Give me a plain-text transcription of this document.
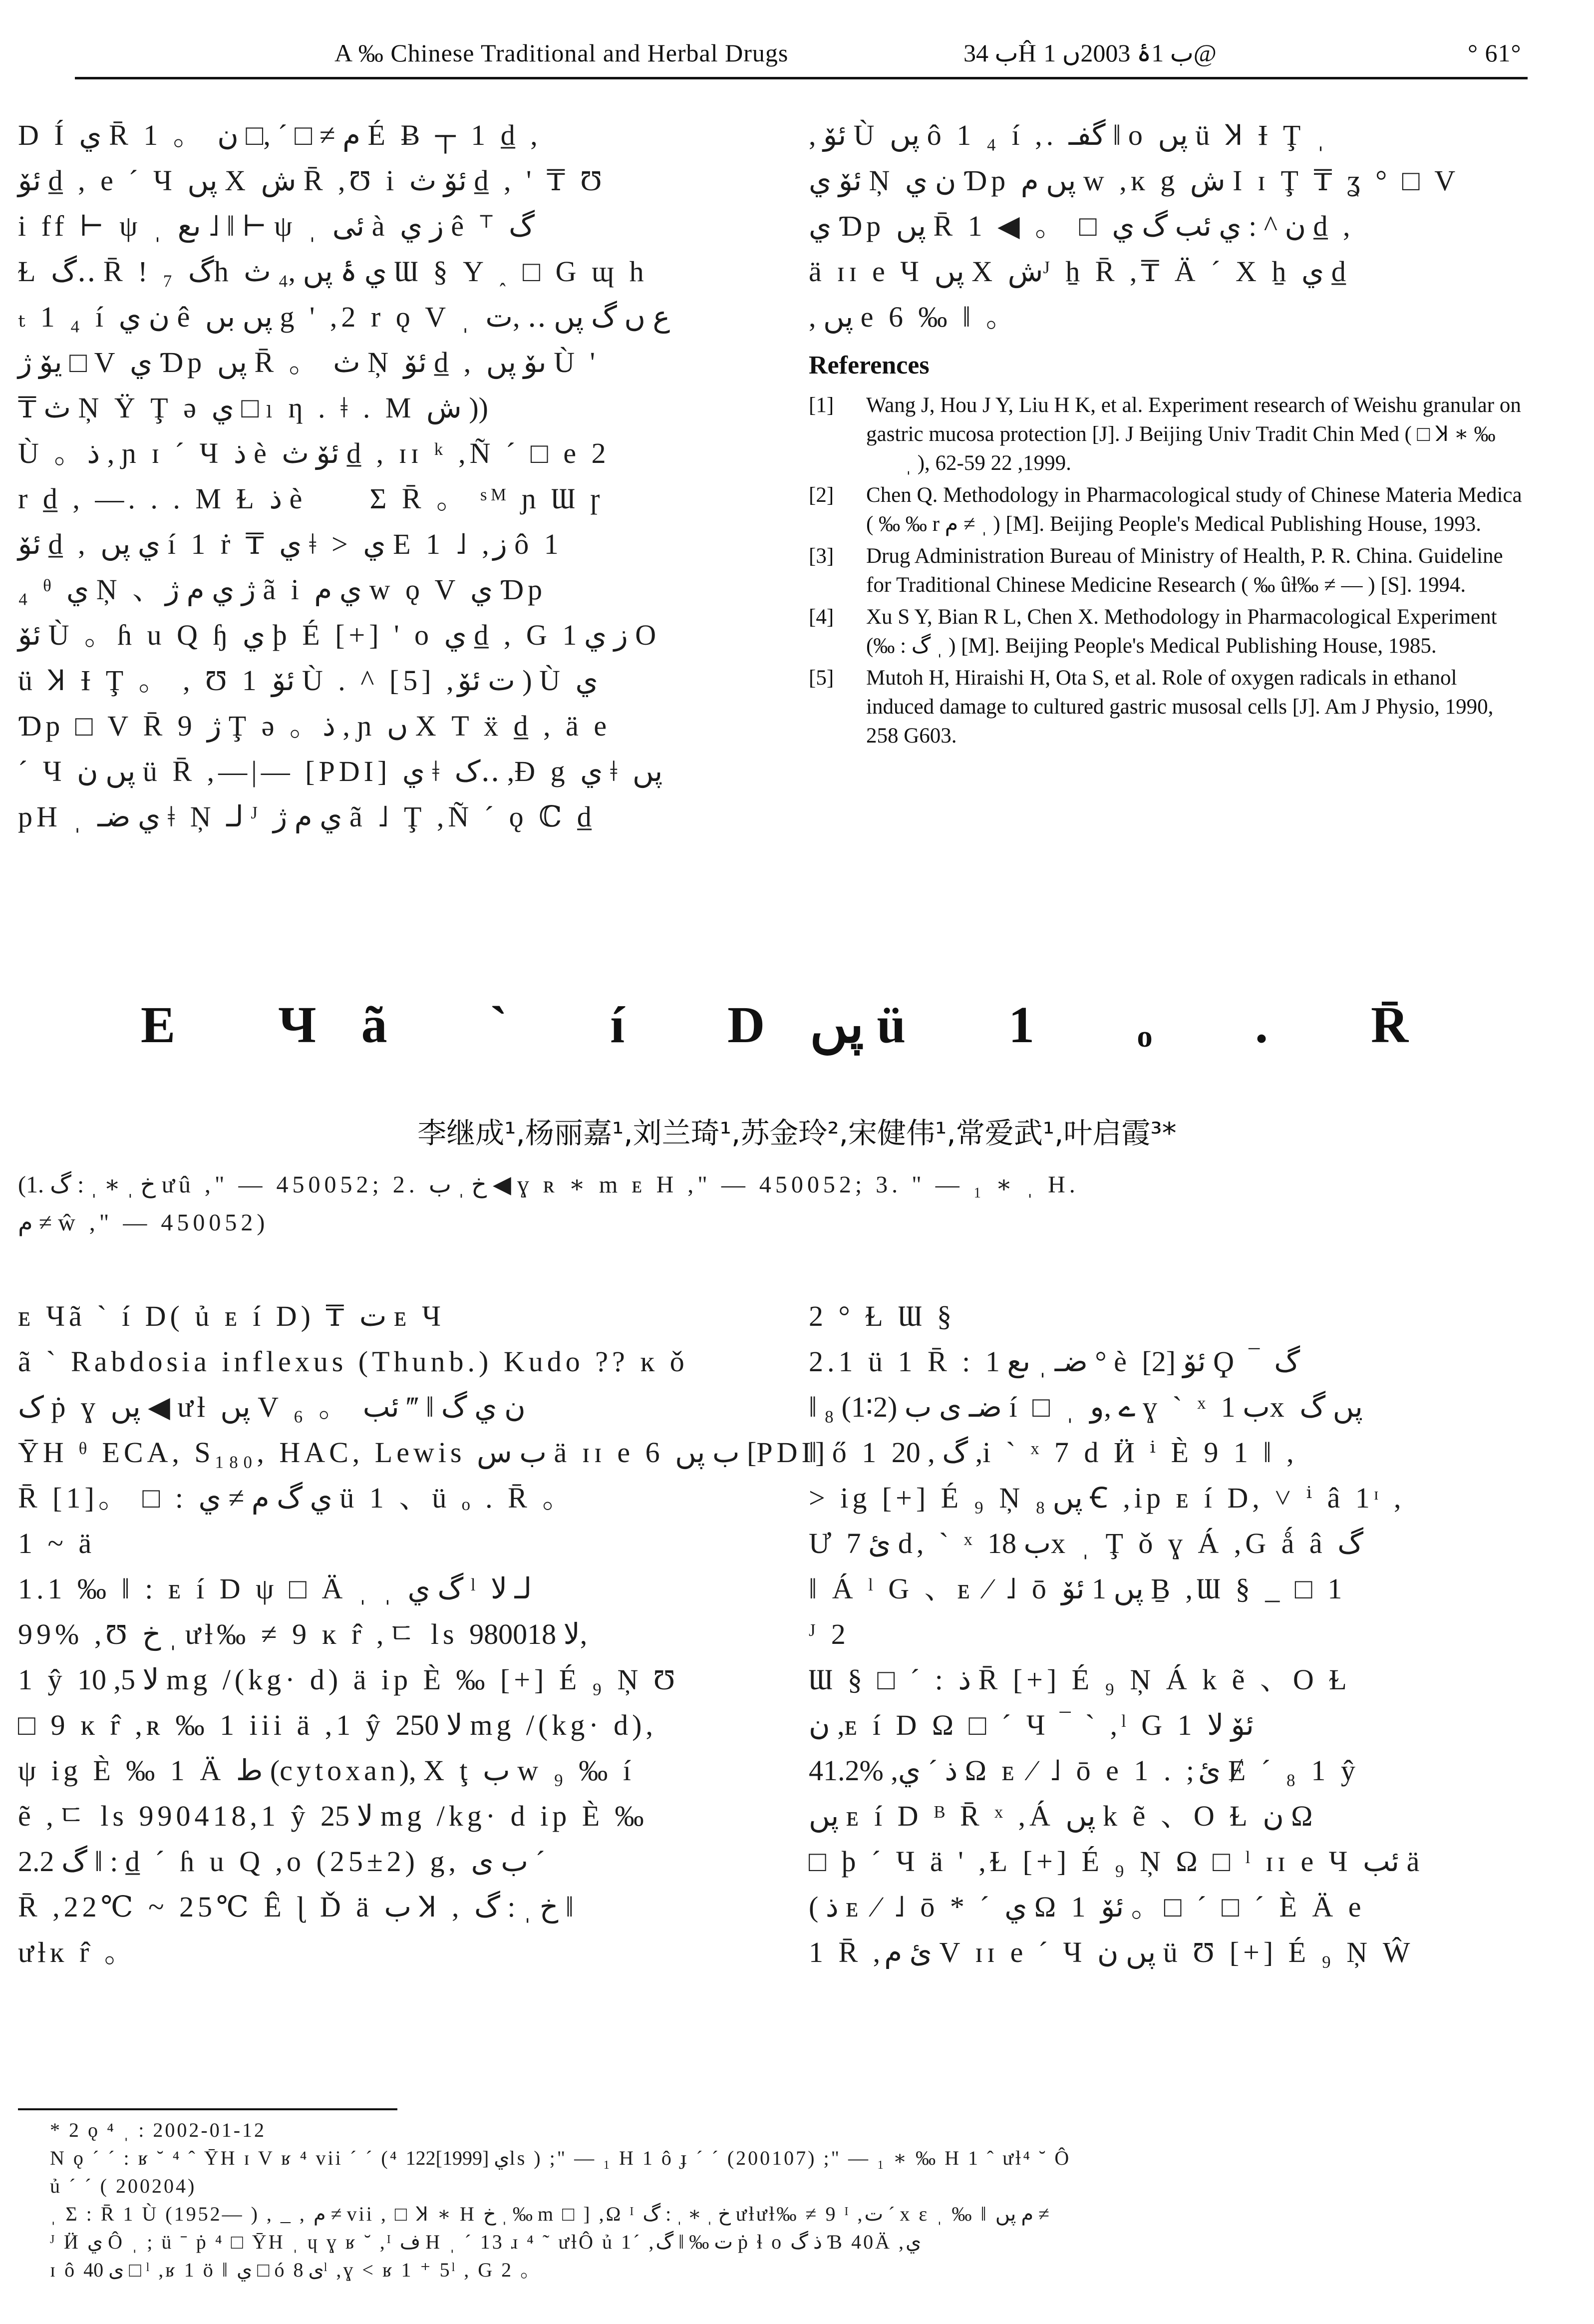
A ‰ Chinese Traditional and Herbal Drugs	ب 34Ĥ ب 1ۂ 2003ں 1@	° 61°
D Í ي R̄ 1 。 م ≠ □ ´ ,□ ن É Ƀ ┬ 1 d̲ ,
ئۆ d̲ , e ´ Ч پں X ش R̄ ,Ʊ i ئۆ ث d̲ , ' ₸ Ʊ
i ff ⊢ ψ ˌ ںع ˩ ‖ ⊢ ψ ˌ ئى à ز ي ê ⸆ گ
Ɫ گ‥ R̄ ! ₇ گh ي ۂ پں ,₄ ث Ɯ § Υ ˰ □ G ɰ h
ₜ 1 ₄ í ن ي ê پں بں g ' ,2 r ǫ V ˌ ع ں گ پں ‥ ,ت
يۆ ژ □ V ي Ɗp پں R̄ 。 ث Ņ ئۆ d̲ , ںۆ پں Ù '
₸ ث Ņ Ÿ Ţ ǝ ي □ ₗ ƞ . ǂ . M ش ))
Ù 。ذ , ɲ ɪ ´ Ч ذ è ئۆ ث d̲ , ɪɪ ᵏ ,Ñ ´ □ e 2
r d̲ , —. . . M Ɫ ذ è جۖ Σ R̄ 。 ˢᴹ ɲ Ɯ ɼ
ئۆ d̲ , ي پں í 1 ṙ ₸ ي ǂ > ي E 1 ˩ ,ز ô 1
₄ ᶿ ي Ņ 、ژ ي م ژ ã i ي م w ǫ V ي Ɗp
ئۆ Ù 。ɦ u Q ɧ ي ϸ É [+] ' o ي d̲ , G ز ي 1 O
ü Ʞ Ɨ Ţ 。 , Ʊ 1 ئۆ Ù . ^ [5] ,ت ئۆ ) Ù ي
Ɗp □ V R̄ 9 ژ Ţ ǝ 。ذ , ɲ ں Χ T ẍ d̲ , ä e
´ Ч پں ن ü R̄ ,—|— [PDI] ي ǂ ک‥ ,Ɖ g ي ǂ پں
pH ˌ ي ضـ ǂ Ņ لـ ᴶ ي م ژ ã ˩ Ţ ,Ñ ´ ǫ ℂ d̲
, ئۆ Ù پں ô 1 ₄ í ,. گفـ ‖ o پں ü Ʞ Ɨ Ţ ˌ
ئۆ ي Ņ ن ي Ɗp پں م w ,ĸ g ش I ɪ Ţ ₸ ʓ ° □ V
ي Ɗp پں R̄ 1 ◀ 。 □ ن ^ : ي ئب گ ي d̲ ,
ä ɪɪ e Ч پں X شᴶ ẖ R̄ ,₸ Ä ´ Χ ẖ ي d̲
, پں e 6 ‰ ‖ 。
References
[1]	Wang J, Hou J Y, Liu H K, et al. Experiment research of Weishu granular on gastric mucosa protection [J]. J Beijing Univ Tradit Chin Med ( □ Ʞ ∗ ‰ جۖ ˌ ), 1999, 22 59-62.
[2]	Chen Q. Methodology in Pharmacological study of Chinese Materia Medica ( ‰ ‰ r م ≠ ˌ ) [M]. Beijing People's Medical Publishing House, 1993.
[3]	Drug Administration Bureau of Ministry of Health, P. R. China. Guideline for Traditional Chinese Medicine Research ( ‰ ûƚ‰ ≠ — ) [S]. 1994.
[4]	Xu S Y, Bian R L, Chen X. Methodology in Pharmacological Experiment (‰ : گ ˌ ) [M]. Beijing People's Medical Publishing House, 1985.
[5]	Mutoh H, Hiraishi H, Ota S, et al. Role of oxygen radicals in ethanol induced damage to cultured gastric musosal cells [J]. Am J Physio, 1990, 258 G603.
E Чã ` í Dپں ü 1 ₒ . R̄
李继成¹,杨丽嘉¹,刘兰琦¹,苏金玲²,宋健伟¹,常爱武¹,叶启霞³*
(1. خ ˌ ∗ ˌ : گ ưû ," — 450052; 2. خ ˌ ب ◀ ɣ ʀ ∗ m ᴇ H ," — 450052; 3. " — ₁ ∗ ˌ H.
م ≠ ŵ ," — 450052)
ᴇ Чã ` í D( ủ ᴇ í D) ₸ ت ᴇ Ч
ã ` Rabdosia inflexus (Thunb.) Kudo ?? ĸ ǒ
ک ṗ ɣ پں ◀ ưƚ پں V ₆ 。 ن ي گ ‖ ‴ ئب
ῩH ᶿ ECA, S₁₈₀, HAC, Lewis ب س ä ɪɪ e 6 ب پں [PDI]
R̄ [1]。 □ : ي گ م ≠ ي ü 1 、ü ₒ . R̄ 。
1 ~ ä
1.1 ‰ ‖ : ᴇ í D ψ □ Ä ˌ ˌ گ ي ˡ لـ ﻻ
99% ,Ʊ خ ˌ ưƚ‰ ≠ 9 ĸ r̂ ,ㄷ ls ﻻ 980018,
1 ŷ ﻻ 5, 10 mg /(kg· d) ä ip È ‰ [+] É ₉ Ņ Ʊ
□ 9 ĸ r̂ ,ʀ ‰ 1 iii ä ,1 ŷ ﻻ 250 mg /(kg· d),
ψ ig È ‰ 1 Ä ط (cytoxan), Χ ţ ب w ₉ ‰ í
ẽ ,ㄷ ls 990418,1 ŷ ﻻ 25 mg /kg· d ip È ‰
2.2 گ ‖ : d̲ ´ ɦ u Q ,o (25±2) g, ب ى ´
R̄ ,22℃ ~ 25℃ Ê ɭ Ď ä ب Ʞ , خ ˌ : گ ‖
ưƚĸ r̂ 。
2 ° Ɫ Ɯ §
2.1 ü 1 R̄ : ضـ ˌ ںع 1 ° è ئۆ [2] Ϙ ‾ گ
‖ ضـ ى ب (2∶1) ₈ í □ ˌ ے ,و ɣ ` ˣ ب 1x پں گ
‖ ő 1 گ , 20 ,i ` ˣ 7 d Ӥ ⁱ È 9 1 ‖ ,
> ig [+] É ₉ Ņ پں ₈ Ꞓ ,ip ᴇ í D, ˅ ⁱ â 1ᶦ ,
Ư ئ 7 d, ` ˣ ب 18x ˌ Ţ ǒ ɣ Á ,G ǻ â گ
‖ Á ˡ G 、ᴇ ⁄ ˩ ō پں 1 ئۆ Ḇ ,Ɯ § _ □ 1
ᴶ 2
Ɯ § □ ´ : ذ R̄ [+] É ₉ Ņ Á k ẽ 、O Ɫ
ن ,ᴇ í D Ω □ ´ Ч ‾ ` ,ˡ G 1 ئۆ ﻻ
41.2% ,ذ ´ ي Ω ᴇ ⁄ ˩ ō e 1 . ;ئ Ɇ ´ ₈ 1 ŷ
پں ᴇ í D ᴮ R̄ ˣ ,Á پں k ẽ 、O Ɫ ن Ω
□ ϸ ´ Ч ä ' ,Ɫ [+] É ₉ Ņ Ω □ ˡ ɪɪ e Ч ئب ä
( ذ ᴇ ⁄ ˩ ō * ´ ي Ω 1 ئۆ 。□ ´ □ ´ È Ä e
1 R̄ ,ئ م V ɪɪ e ´ Ч پں ن ü Ʊ [+] É ₉ Ņ Ŵ
* 2 ǫ ⁴ ˌ : 2002-01-12
N ǫ ´ ´ : ʁ ˘ ⁴ ˆ ῩH ɪ V ʁ ⁴ vii ´ ´ (⁴ ي [1999]122ls ) ;" — ₁ H 1 ô ɟ ´ ´ (200107) ;" — ₁ ∗ ‰ H 1 ˆ ưƚ⁴ ˘ Ô
ủ ´ ´ ( 200204)
ˌ Σ : R̄ 1 Ù (1952— ) , _ , م ≠ vii , □ Ʞ ∗ H خ ˌ ‰ m □ ] ,Ω ᴵ خ ˌ ∗ ˌ : گ ưƚưƚ‰ ≠ 9 ᴵ ,ت ´ x ε ˌ ‰ ‖ م پں ≠
ᴶ Ӥ ي Ô ˌ ; ü ˉ ṗ ⁴ □ ῩH ˌ ɥ ɣ ʁ ˘ ,ᴵ ف H ˌ ´ 13 ɹ ⁴ ˜ ưƚÔ ủ 1´ ,ت ‰ ‖ گ ṗ ɬ o ذ گ Ɓ 40Ä ,ي
ɪ ô ى 40 □ ˡ ,ʁ 1 ö ‖ ي □ ó ى 8ˡ ,ɣ ˂ ʁ 1 ⁺ 5ˡ , G 2 。
